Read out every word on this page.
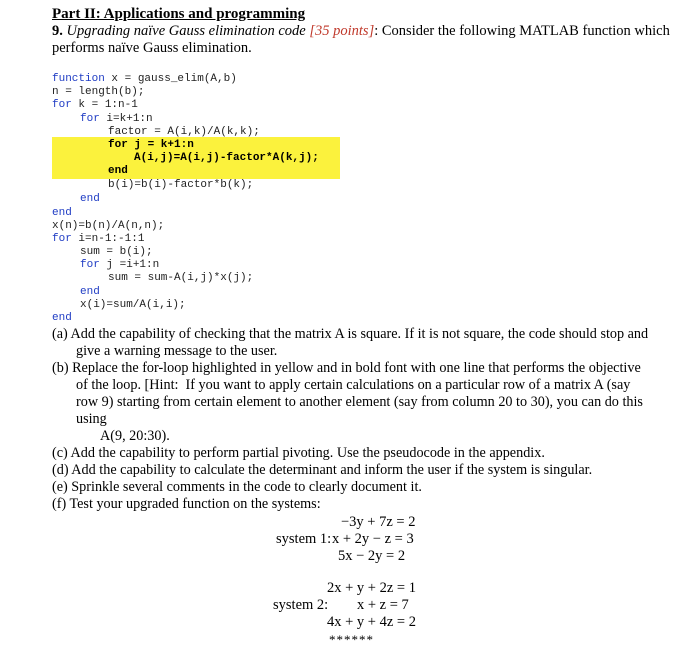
Part II: Applications and programming
9. Upgrading naïve Gauss elimination code [35 points]: Consider the following MATLAB function which
performs naïve Gauss elimination.
function x = gauss_elim(A,b)
n = length(b);
for k = 1:n-1
for i=k+1:n
factor = A(i,k)/A(k,k);
for j = k+1:n
A(i,j)=A(i,j)-factor*A(k,j);
end
b(i)=b(i)-factor*b(k);
end
end
x(n)=b(n)/A(n,n);
for i=n-1:-1:1
sum = b(i);
for j =i+1:n
sum = sum-A(i,j)*x(j);
end
x(i)=sum/A(i,i);
end
(a) Add the capability of checking that the matrix A is square. If it is not square, the code should stop and
give a warning message to the user.
(b) Replace the for-loop highlighted in yellow and in bold font with one line that performs the objective
of the loop. [Hint:  If you want to apply certain calculations on a particular row of a matrix A (say
row 9) starting from certain element to another element (say from column 20 to 30), you can do this
using
A(9, 20:30).
(c) Add the capability to perform partial pivoting. Use the pseudocode in the appendix.
(d) Add the capability to calculate the determinant and inform the user if the system is singular.
(e) Sprinkle several comments in the code to clearly document it.
(f) Test your upgraded function on the systems:
−3y + 7z = 2
system 1: x + 2y − z = 3
5x − 2y = 2
2x + y + 2z = 1
system 2: x + z = 7
4x + y + 4z = 2
******
